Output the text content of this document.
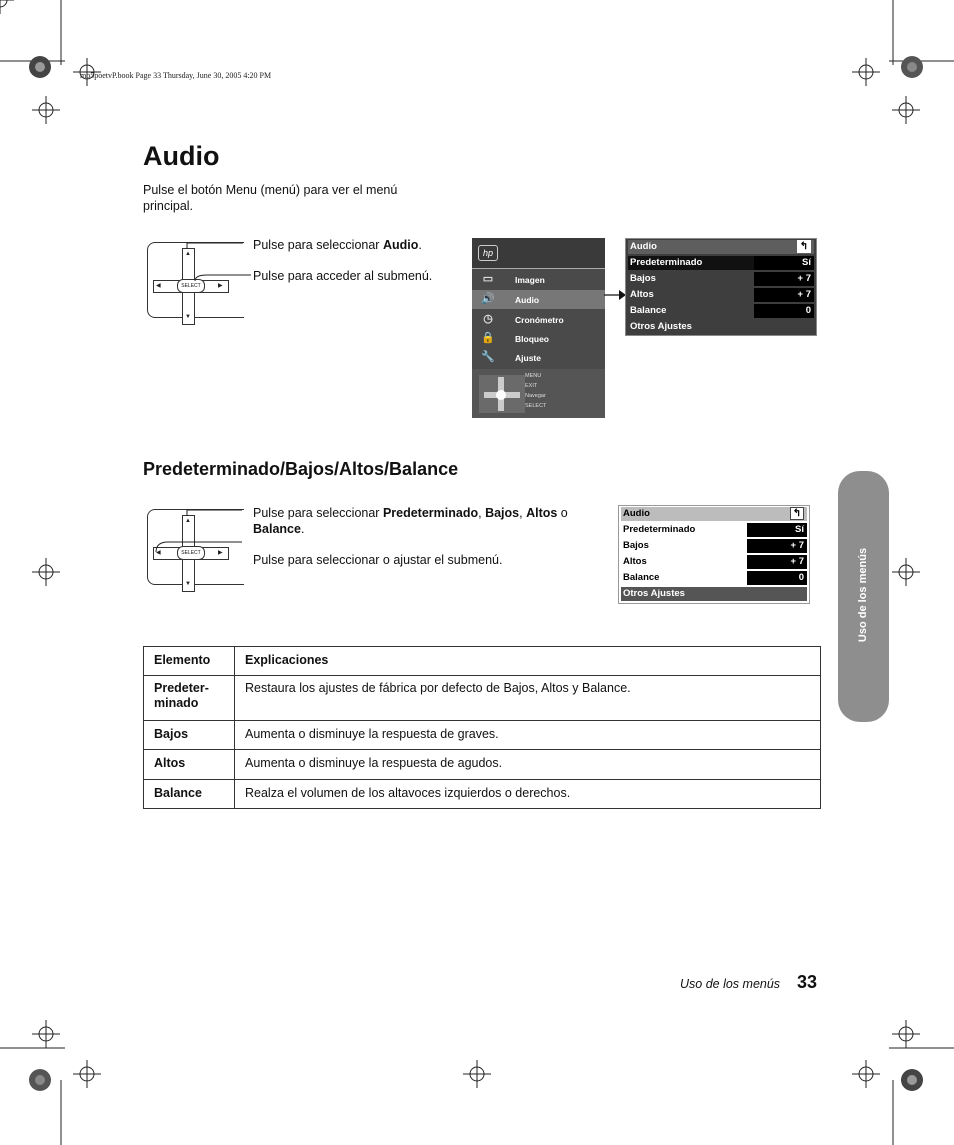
mb5poetvP.book Page 33 Thursday, June 30, 2005 4:20 PM
Audio
Pulse el botón Menu (menú) para ver el menú principal.
▲
▼
◀	▶
SELECT
Pulse para seleccionar Audio.
Pulse para acceder al submenú.
hp
▭	Imagen
🔊 Audio
◷	Cronómetro
🔒 Bloqueo
🔧 Ajuste
MENU
EXIT
Navegar
SELECT
Audio	↰
Predeterminado	Sí
Bajos	+ 7
Altos	+ 7
Balance	0
Otros Ajustes
Predeterminado/Bajos/Altos/Balance
▲
▼
◀	▶
SELECT
Pulse para seleccionar Predeterminado, Bajos, Altos o Balance.
Pulse para seleccionar o ajustar el submenú.
Audio	↰
Predeterminado	Sí
Bajos	+ 7
Altos	+ 7
Balance	0
Otros Ajustes
Elemento	Explicaciones

Predeter-
minado	Restaura los ajustes de fábrica por defecto de Bajos, Altos y Balance.

Bajos	Aumenta o disminuye la respuesta de graves.

Altos	Aumenta o disminuye la respuesta de agudos.

Balance	Realza el volumen de los altavoces izquierdos o derechos.
Uso de los menús
Uso de los menús 33
